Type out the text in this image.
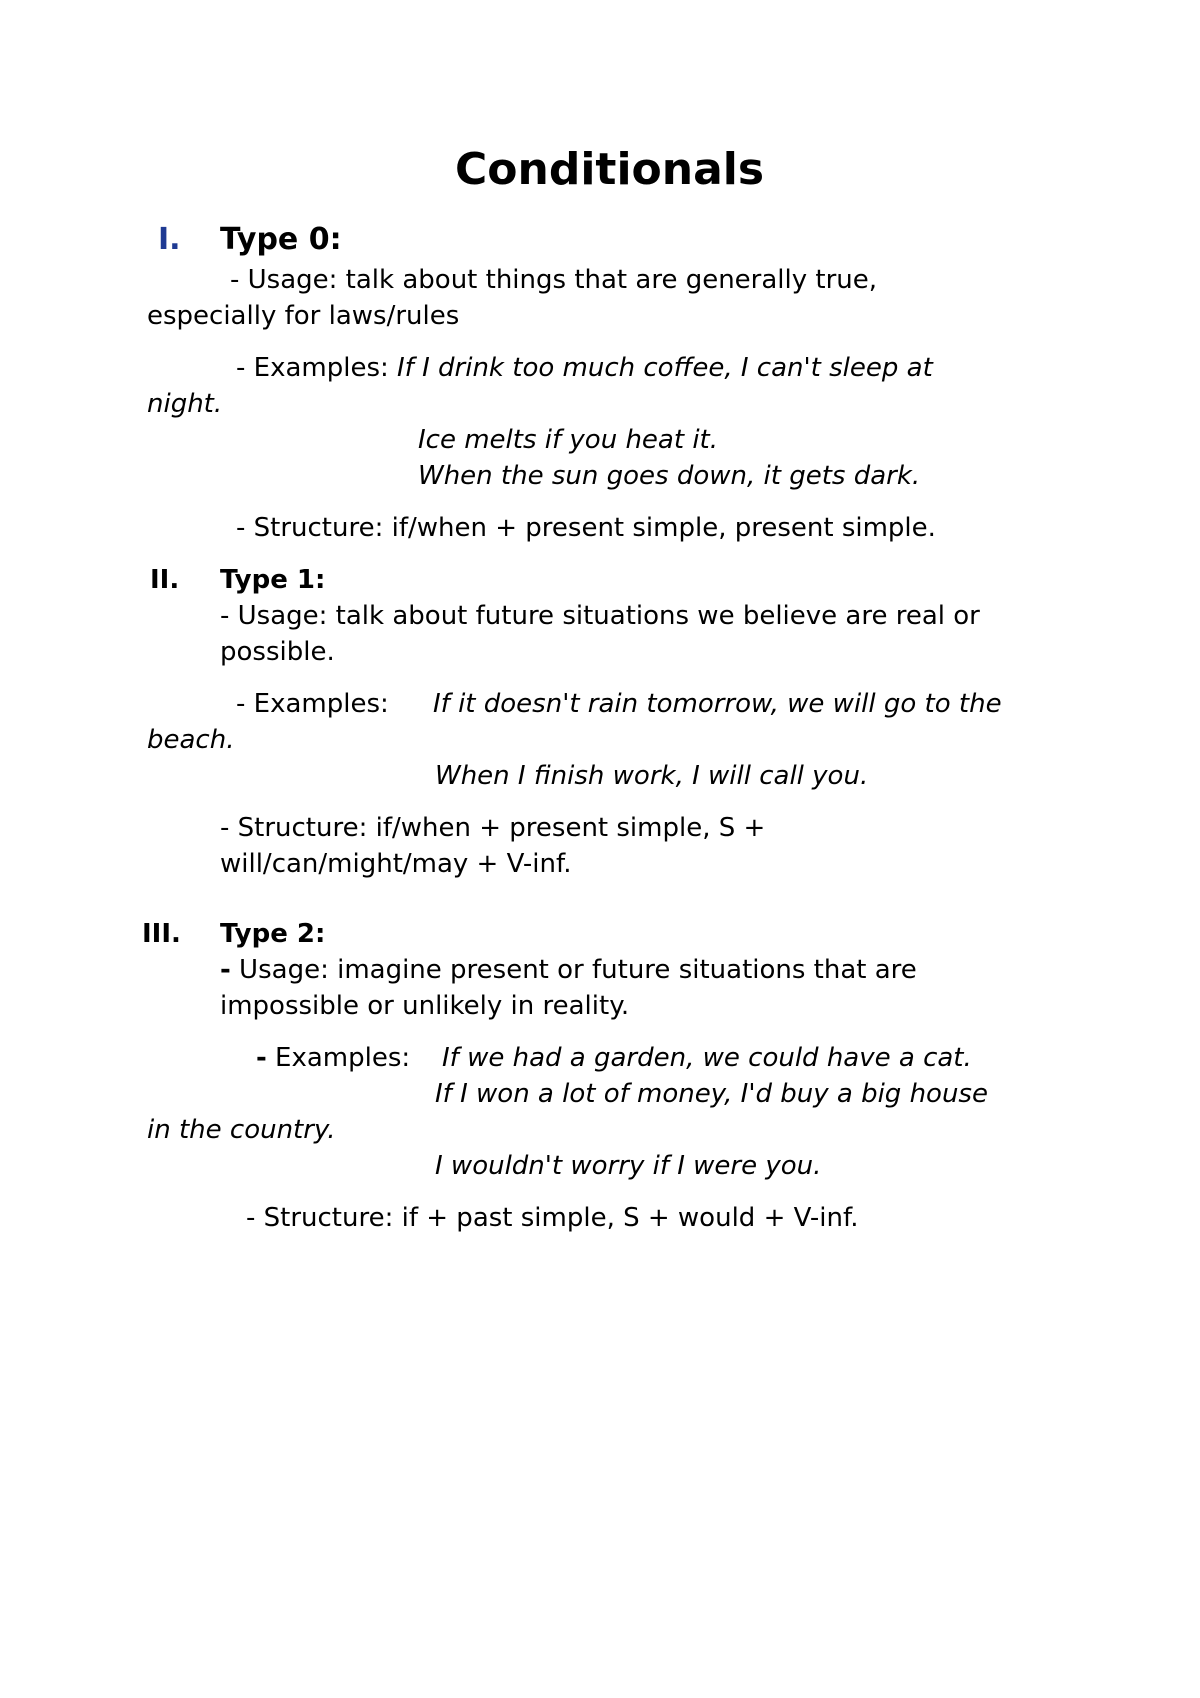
Conditionals
I. Type 0:
- Usage: talk about things that are generally true,
especially for laws/rules
- Examples: If I drink too much coffee, I can't sleep at
night.
Ice melts if you heat it.
When the sun goes down, it gets dark.
- Structure: if/when + present simple, present simple.
II. Type 1:
- Usage: talk about future situations we believe are real or
possible.
- Examples: If it doesn't rain tomorrow, we will go to the
beach.
When I finish work, I will call you.
- Structure: if/when + present simple, S +
will/can/might/may + V-inf.
III. Type 2:
- Usage: imagine present or future situations that are
impossible or unlikely in reality.
- Examples: If we had a garden, we could have a cat.
If I won a lot of money, I'd buy a big house
in the country.
I wouldn't worry if I were you.
- Structure: if + past simple, S + would + V-inf.
